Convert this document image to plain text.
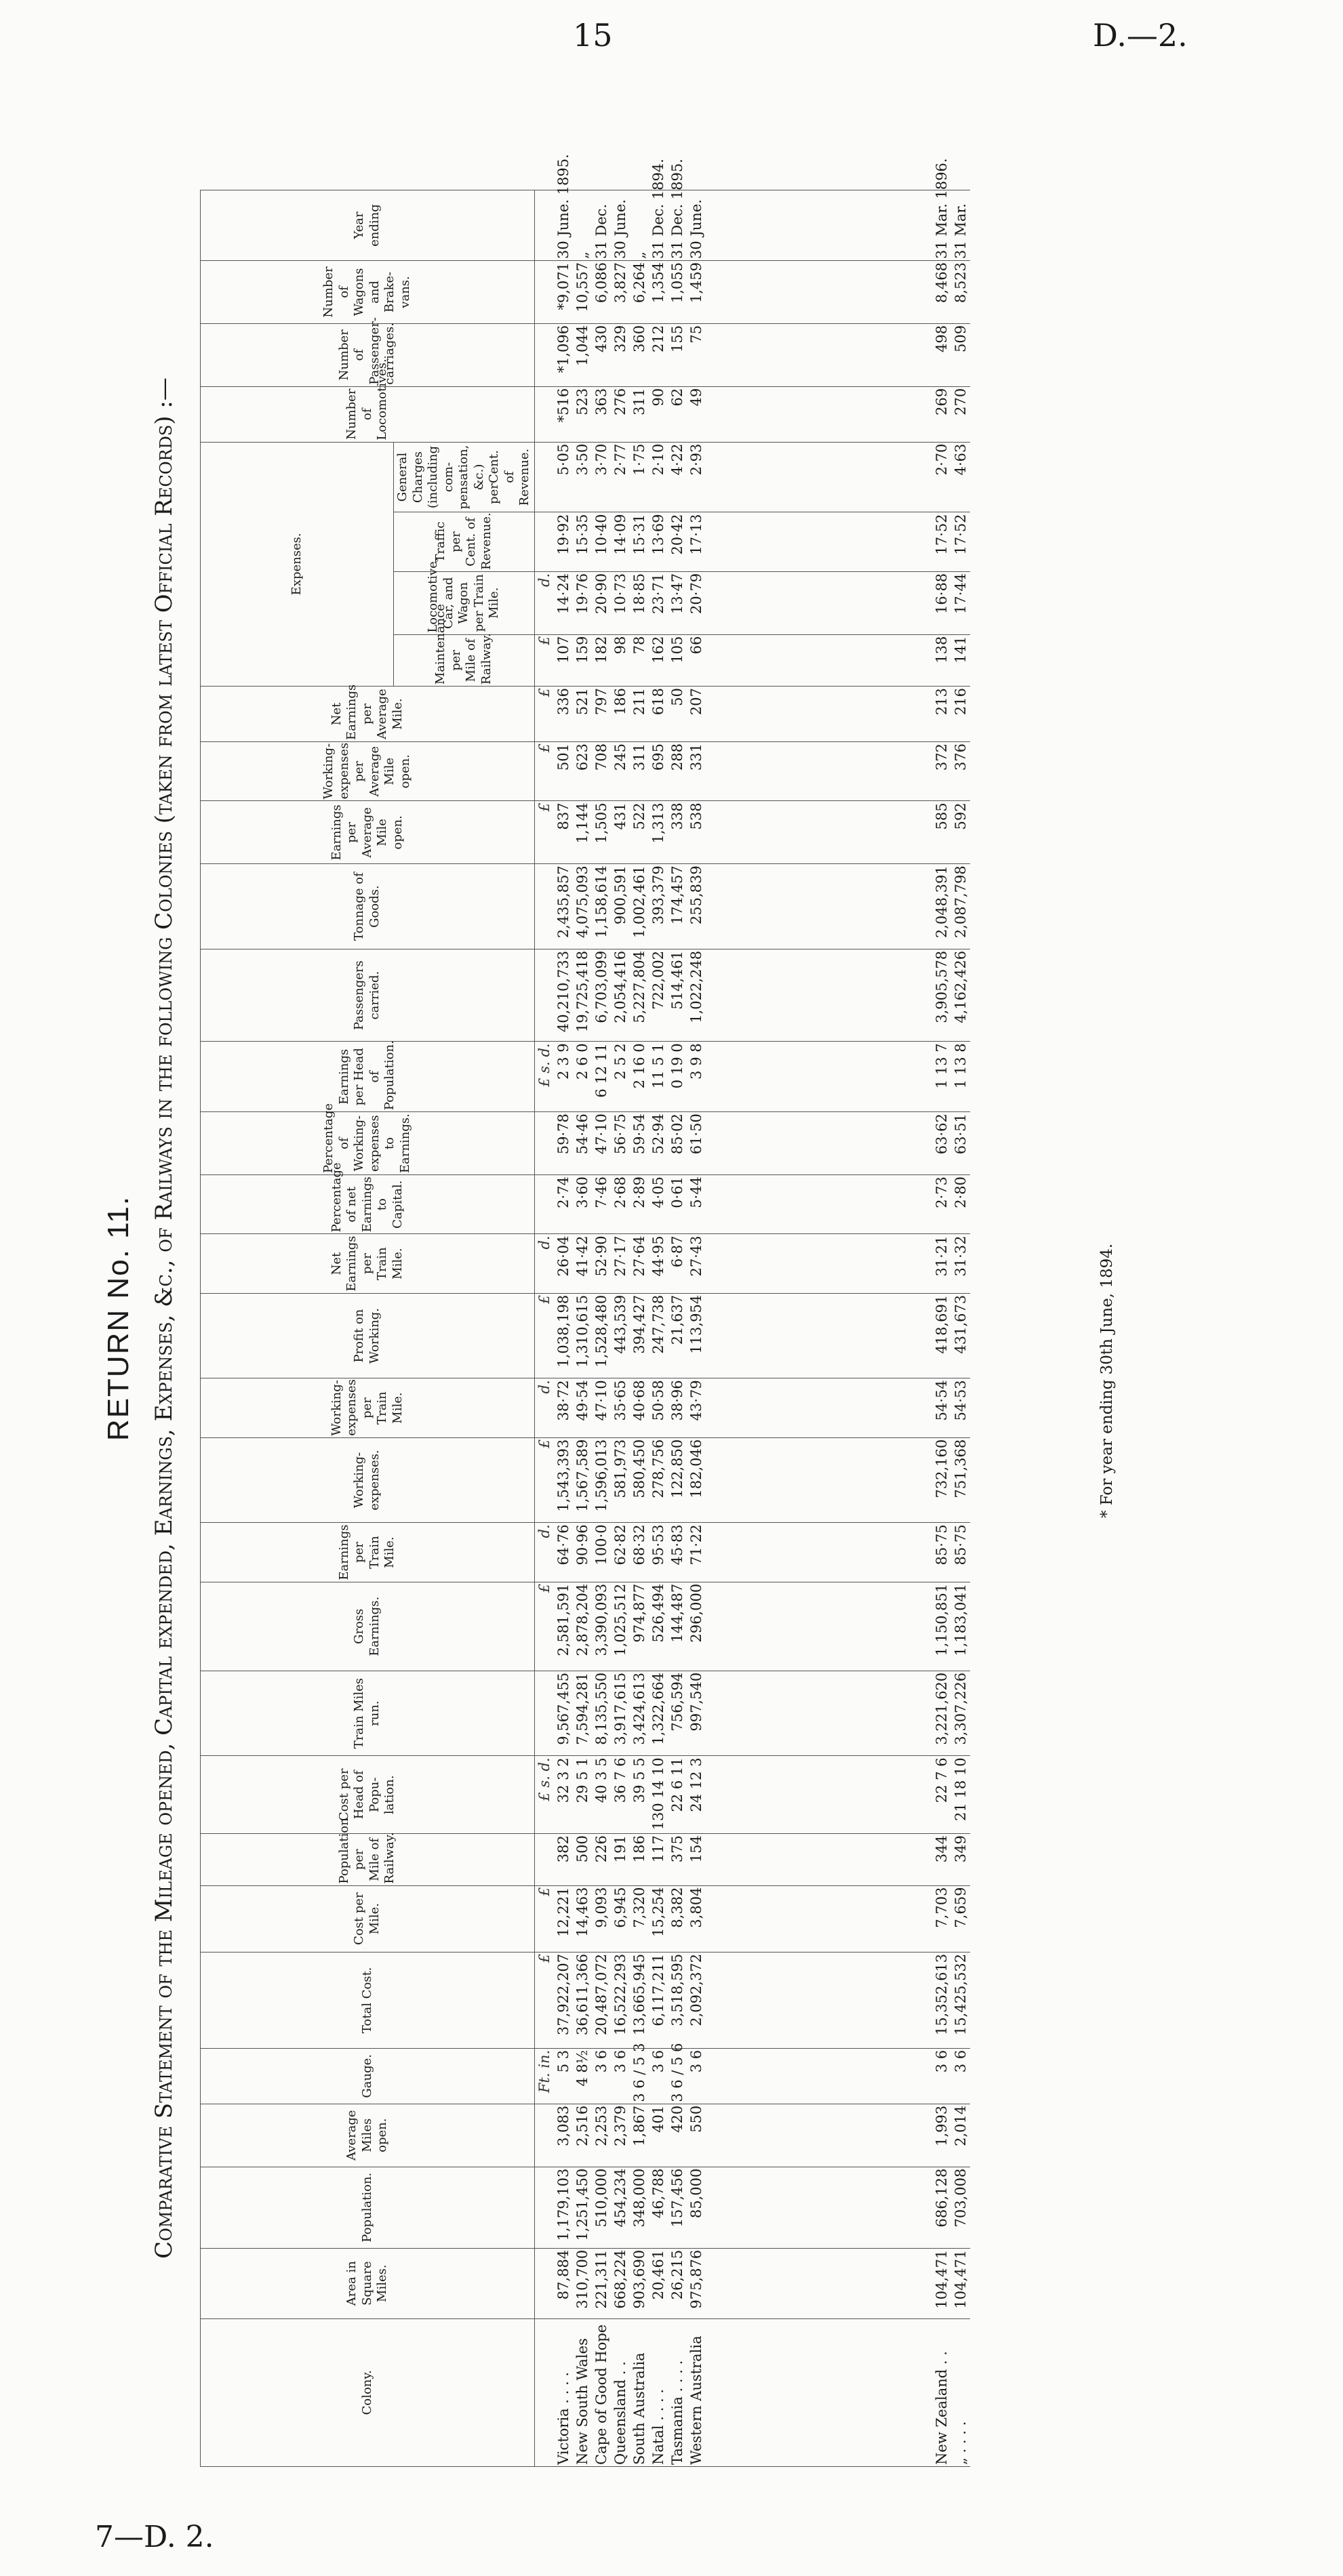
15	D.—2.
7—D. 2.
RETURN No. 11. Comparative Statement of the Mileage opened, Capital expended, Earnings, Expenses, &c., of Railways in the following Colonies (taken from latest Official Records) :—
Colony.	Area in Square Miles.	Population.	Average Miles open.	Gauge.	Total Cost.	Cost per Mile.	Population per Mile of Railway.	Cost per Head of Popu- lation.	Train Miles run.	Gross Earnings.	Earnings per Train Mile.	Working- expenses.	Working-expenses per Train Mile.	Profit on Working.	Net Earnings per Train Mile.	Percentage of net Earnings to Capital.	Percentage of Working-expenses to Earnings.	Earnings per Head of Population.	Passengers carried.	Tonnage of Goods.	Earnings per Average Mile open.	Working-expenses per Average Mile open.	Net Earnings per Average Mile.	Expenses.				Number of Locomotives.	Number of Passenger- carriages.	Number of Wagons and Brake-vans.	Year ending
																								Maintenance per Mile of Railway.	Locomotive, Car, and Wagon per Train Mile.	Traffic per Cent. of Revenue.	General Charges (including com- pensation, &c.) perCent. of Revenue.				
				Ft. in.	£	£		£ s. d.		£	d.	£	d.	£	d.			£ s. d.			£	£	£	£	d.						
Victoria . . . .	87,884	1,179,103	3,083	5 3	37,922,207	12,221	382	32 3 2	9,567,455	2,581,591	64·76	1,543,393	38·72	1,038,198	26·04	2·74	59·78	2 3 9	40,210,733	2,435,857	837	501	336	107	14·24	19·92	5·05	*516	*1,096	*9,071	30 June. 1895.
New South Wales	310,700	1,251,450	2,516	4 8½	36,611,366	14,463	500	29 5 1	7,594,281	2,878,204	90·96	1,567,589	49·54	1,310,615	41·42	3·60	54·46	2 6 0	19,725,418	4,075,093	1,144	623	521	159	19·76	15·35	3·50	523	1,044	10,557	„
Cape of Good Hope	221,311	510,000	2,253	3 6	20,487,072	9,093	226	40 3 5	8,135,550	3,390,093	100·0	1,596,013	47·10	1,528,480	52·90	7·46	47·10	6 12 11	6,703,099	1,158,614	1,505	708	797	182	20·90	10·40	3·70	363	430	6,086	31 Dec.
Queensland . .	668,224	454,234	2,379	3 6	16,522,293	6,945	191	36 7 6	3,917,615	1,025,512	62·82	581,973	35·65	443,539	27·17	2·68	56·75	2 5 2	2,054,416	900,591	431	245	186	98	10·73	14·09	2·77	276	329	3,827	30 June.
South Australia	903,690	348,000	1,867	3 6 / 5 3	13,665,945	7,320	186	39 5 5	3,424,613	974,877	68·32	580,450	40·68	394,427	27·64	2·89	59·54	2 16 0	5,227,804	1,002,461	522	311	211	78	18·85	15·31	1·75	311	360	6,264	„
Natal . . . .	20,461	46,788	401	3 6	6,117,211	15,254	117	130 14 10	1,322,664	526,494	95·53	278,756	50·58	247,738	44·95	4·05	52·94	11 5 1	722,002	393,379	1,313	695	618	162	23·71	13·69	2·10	90	212	1,354	31 Dec. 1894.
Tasmania . . . .	26,215	157,456	420	3 6 / 5 6	3,518,595	8,382	375	22 6 11	756,594	144,487	45·83	122,850	38·96	21,637	6·87	0·61	85·02	0 19 0	514,461	174,457	338	288	50	105	13·47	20·42	4·22	62	155	1,055	31 Dec. 1895.
Western Australia	975,876	85,000	550	3 6	2,092,372	3,804	154	24 12 3	997,540	296,000	71·22	182,046	43·79	113,954	27·43	5·44	61·50	3 9 8	1,022,248	255,839	538	331	207	66	20·79	17·13	2·93	49	75	1,459	30 June.

New Zealand . .	104,471	686,128	1,993	3 6	15,352,613	7,703	344	22 7 6	3,221,620	1,150,851	85·75	732,160	54·54	418,691	31·21	2·73	63·62	1 13 7	3,905,578	2,048,391	585	372	213	138	16·88	17·52	2·70	269	498	8,468	31 Mar. 1896.
„ . . . .	104,471	703,008	2,014	3 6	15,425,532	7,659	349	21 18 10	3,307,226	1,183,041	85·75	751,368	54·53	431,673	31·32	2·80	63·51	1 13 8	4,162,426	2,087,798	592	376	216	141	17·44	17·52	4·63	270	509	8,523	31 Mar.
* For year ending 30th June, 1894.
